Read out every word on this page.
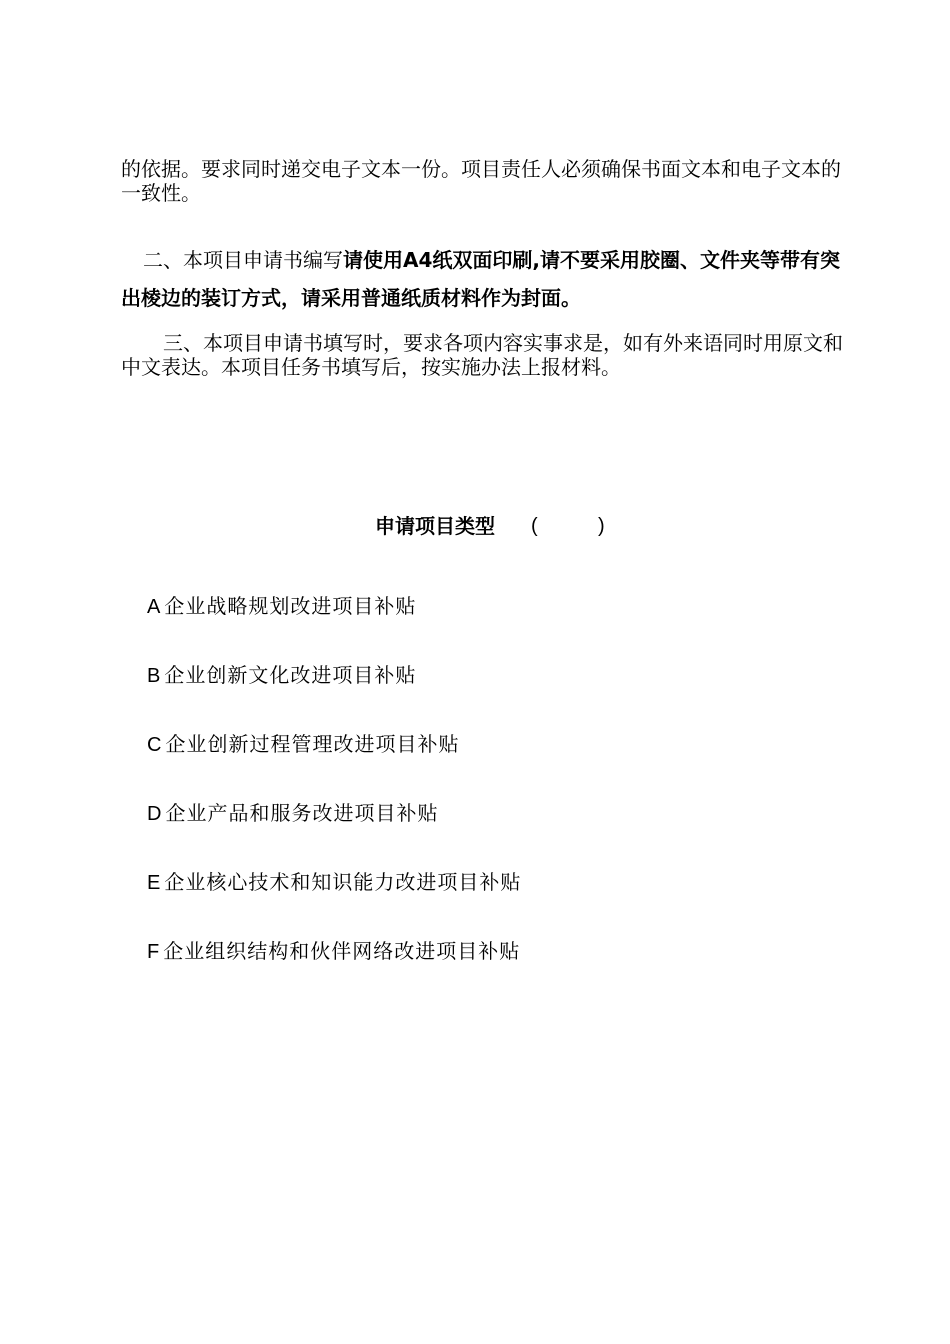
的依据。要求同时递交电子文本一份。项目责任人必须确保书面文本和电子文本的一致性。

二、本项目申请书编写请使用A4纸双面印刷,请不要采用胶圈、文件夹等带有突出棱边的装订方式，请采用普通纸质材料作为封面。

三、本项目申请书填写时，要求各项内容实事求是，如有外来语同时用原文和中文表达。本项目任务书填写后，按实施办法上报材料。

申请项目类型 (	)
A 企业战略规划改进项目补贴
B 企业创新文化改进项目补贴
C 企业创新过程管理改进项目补贴
D 企业产品和服务改进项目补贴
E 企业核心技术和知识能力改进项目补贴
F 企业组织结构和伙伴网络改进项目补贴
